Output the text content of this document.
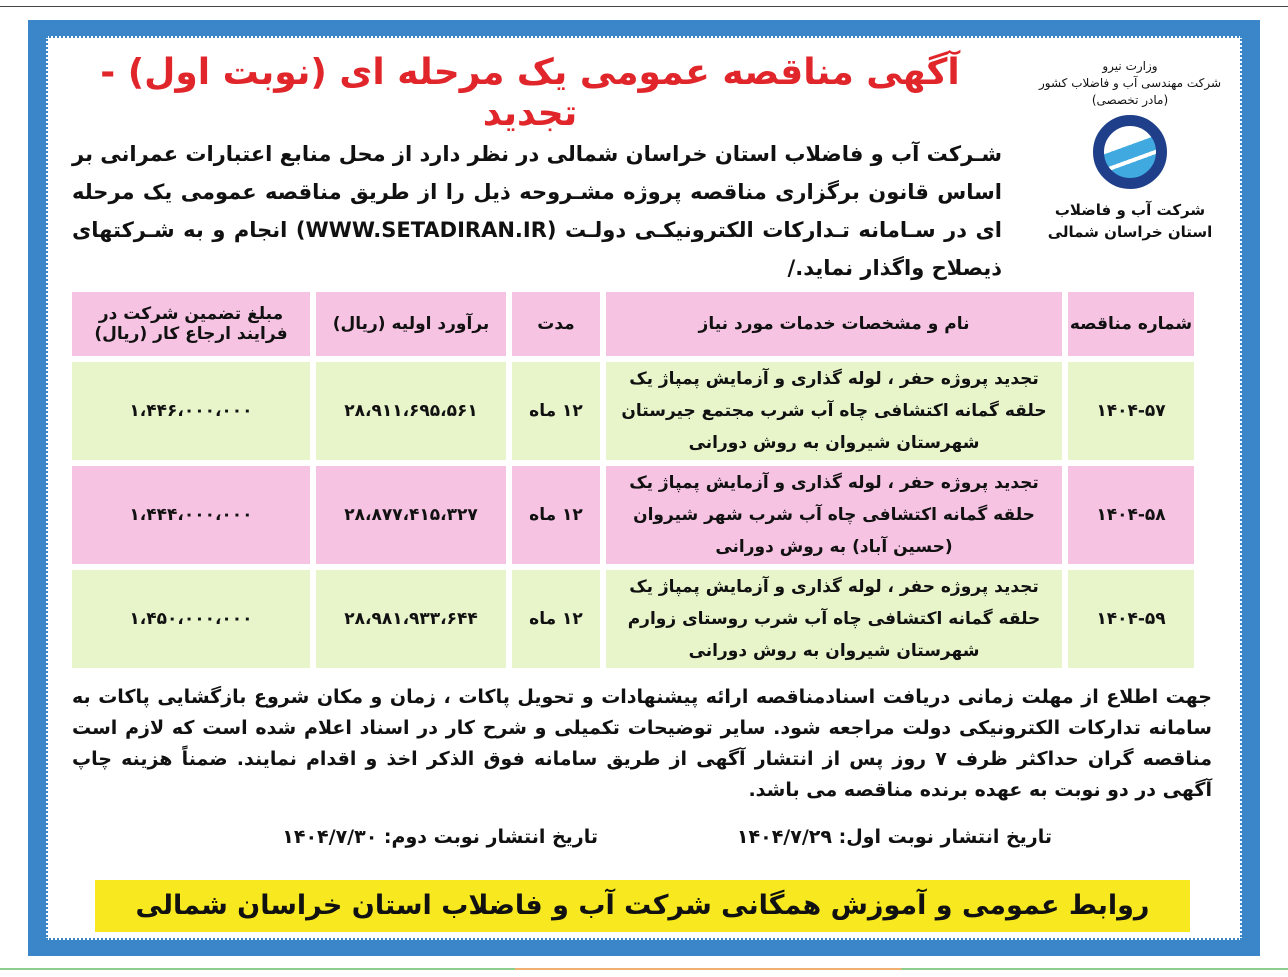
آگهی مناقصه عمومی یک مرحله ای (نوبت اول) - تجدید
وزارت نیرو
شرکت مهندسی آب و فاضلاب کشور
(مادر تخصصی)
شرکت آب و فاضلاب
استان خراسان شمالی
شـرکت آب و فاضلاب استان خراسان شمالی در نظر دارد از محل منابع اعتبارات عمرانی بر اساس قانون برگزاری مناقصه پروژه مشـروحه ذیل را از طریق مناقصه عمومی یک مرحله ای در سـامانه تـدارکات الکترونیکـی دولـت (WWW.SETADIRAN.IR) انجام و به شـرکتهای ذیصلاح واگذار نماید./
شماره مناقصه	نام و مشخصات خدمات مورد نیاز	مدت	برآورد اولیه (ریال)	مبلغ تضمین شرکت در فرایند ارجاع کار (ریال)
۱۴۰۴-۵۷	تجدید پروژه حفر ، لوله گذاری و آزمایش پمپاژ یک حلقه گمانه اکتشافی چاه آب شرب مجتمع جیرستان شهرستان شیروان به روش دورانی	۱۲ ماه	۲۸،۹۱۱،۶۹۵،۵۶۱	۱،۴۴۶،۰۰۰،۰۰۰
۱۴۰۴-۵۸	تجدید پروژه حفر ، لوله گذاری و آزمایش پمپاژ یک حلقه گمانه اکتشافی چاه آب شرب شهر شیروان (حسین آباد) به روش دورانی	۱۲ ماه	۲۸،۸۷۷،۴۱۵،۳۲۷	۱،۴۴۴،۰۰۰،۰۰۰
۱۴۰۴-۵۹	تجدید پروژه حفر ، لوله گذاری و آزمایش پمپاژ یک حلقه گمانه اکتشافی چاه آب شرب روستای زوارم شهرستان شیروان به روش دورانی	۱۲ ماه	۲۸،۹۸۱،۹۳۳،۶۴۴	۱،۴۵۰،۰۰۰،۰۰۰
جهت اطلاع از مهلت زمانی دریافت اسنادمناقصه ارائه پیشنهادات و تحویل پاکات ، زمان و مکان شروع بازگشایی پاکات به سامانه تدارکات الکترونیکی دولت مراجعه شود. سایر توضیحات تکمیلی و شرح کار در اسناد اعلام شده است که لازم است مناقصه گران حداکثر ظرف ۷ روز پس از انتشار آگهی از طریق سامانه فوق الذکر اخذ و اقدام نمایند. ضمناً هزینه چاپ آگهی در دو نوبت به عهده برنده مناقصه می باشد.
تاریخ انتشار نوبت اول: ۱۴۰۴/۷/۲۹
تاریخ انتشار نوبت دوم: ۱۴۰۴/۷/۳۰
روابط عمومی و آموزش همگانی شرکت آب و فاضلاب استان خراسان شمالی
